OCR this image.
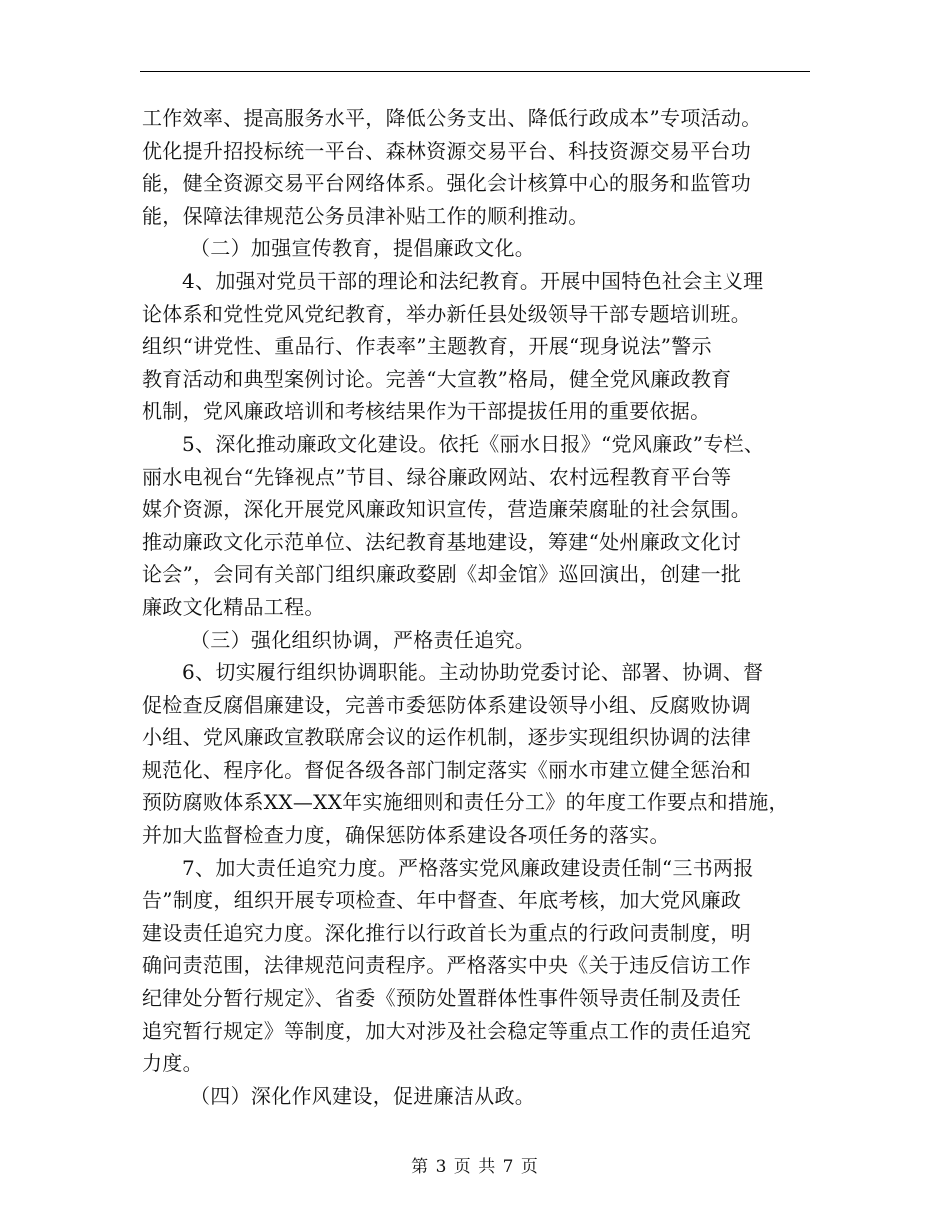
工作效率、提高服务水平，降低公务支出、降低行政成本”专项活动。
优化提升招投标统一平台、森林资源交易平台、科技资源交易平台功
能，健全资源交易平台网络体系。强化会计核算中心的服务和监管功
能，保障法律规范公务员津补贴工作的顺利推动。
（二）加强宣传教育，提倡廉政文化。
4、加强对党员干部的理论和法纪教育。开展中国特色社会主义理
论体系和党性党风党纪教育，举办新任县处级领导干部专题培训班。
组织“讲党性、重品行、作表率”主题教育，开展“现身说法”警示
教育活动和典型案例讨论。完善“大宣教”格局，健全党风廉政教育
机制，党风廉政培训和考核结果作为干部提拔任用的重要依据。
5、深化推动廉政文化建设。依托《丽水日报》“党风廉政”专栏、
丽水电视台“先锋视点”节目、绿谷廉政网站、农村远程教育平台等
媒介资源，深化开展党风廉政知识宣传，营造廉荣腐耻的社会氛围。
推动廉政文化示范单位、法纪教育基地建设，筹建“处州廉政文化讨
论会”，会同有关部门组织廉政婺剧《却金馆》巡回演出，创建一批
廉政文化精品工程。
（三）强化组织协调，严格责任追究。
6、切实履行组织协调职能。主动协助党委讨论、部署、协调、督
促检查反腐倡廉建设，完善市委惩防体系建设领导小组、反腐败协调
小组、党风廉政宣教联席会议的运作机制，逐步实现组织协调的法律
规范化、程序化。督促各级各部门制定落实《丽水市建立健全惩治和
预防腐败体系XX—XX年实施细则和责任分工》的年度工作要点和措施，
并加大监督检查力度，确保惩防体系建设各项任务的落实。
7、加大责任追究力度。严格落实党风廉政建设责任制“三书两报
告”制度，组织开展专项检查、年中督查、年底考核，加大党风廉政
建设责任追究力度。深化推行以行政首长为重点的行政问责制度，明
确问责范围，法律规范问责程序。严格落实中央《关于违反信访工作
纪律处分暂行规定》、省委《预防处置群体性事件领导责任制及责任
追究暂行规定》等制度，加大对涉及社会稳定等重点工作的责任追究
力度。
（四）深化作风建设，促进廉洁从政。
第 3 页 共 7 页
